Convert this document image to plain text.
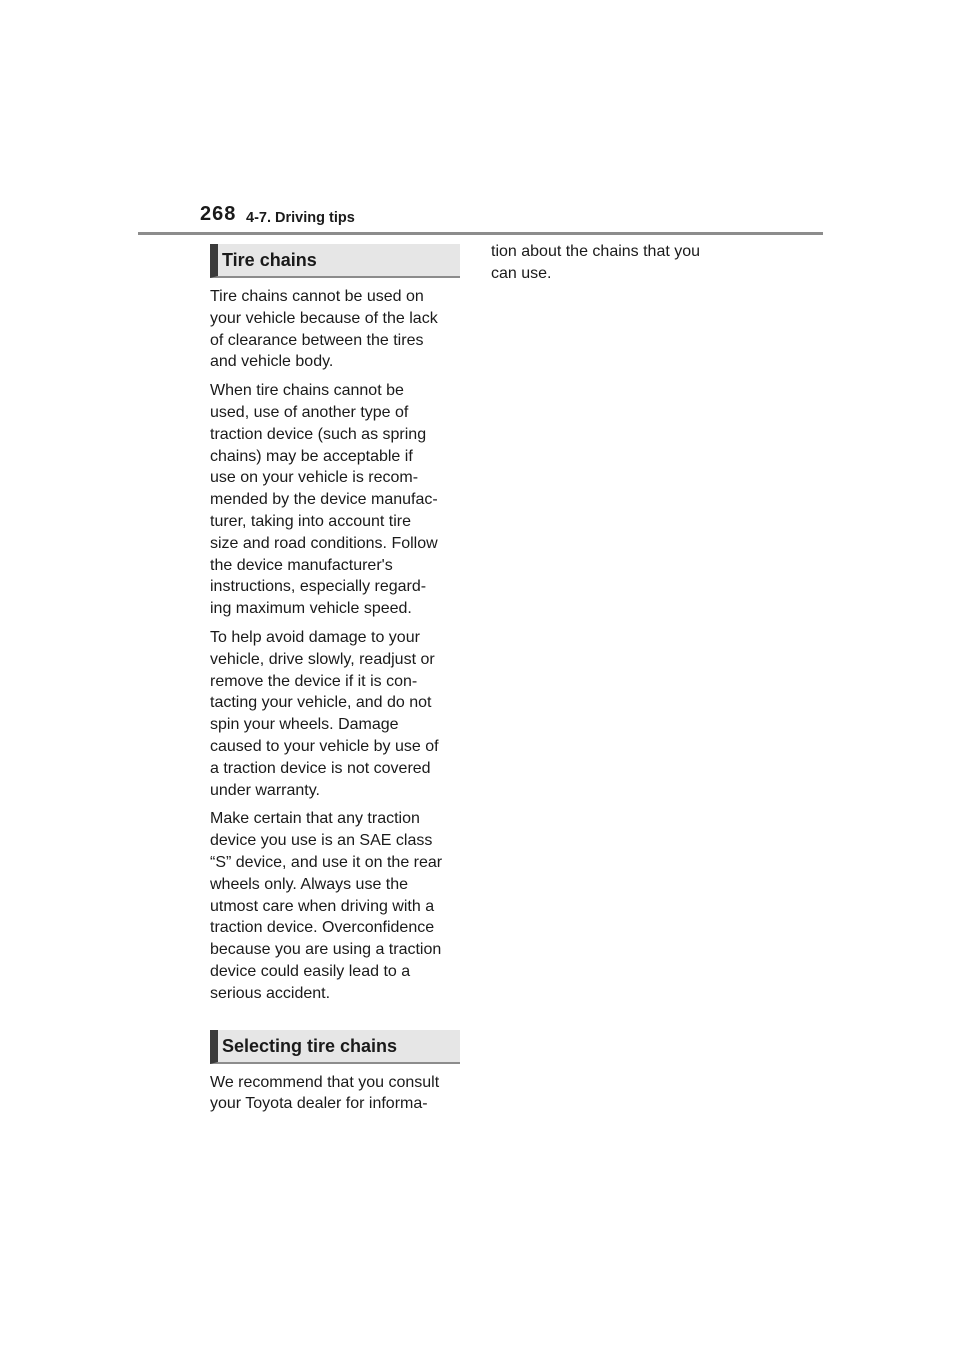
268 4-7. Driving tips
Tire chains

Tire chains cannot be used on
your vehicle because of the lack
of clearance between the tires
and vehicle body.

When tire chains cannot be
used, use of another type of
traction device (such as spring
chains) may be acceptable if
use on your vehicle is recom-
mended by the device manufac-
turer, taking into account tire
size and road conditions. Follow
the device manufacturer's
instructions, especially regard-
ing maximum vehicle speed.

To help avoid damage to your
vehicle, drive slowly, readjust or
remove the device if it is con-
tacting your vehicle, and do not
spin your wheels. Damage
caused to your vehicle by use of
a traction device is not covered
under warranty.

Make certain that any traction
device you use is an SAE class
“S” device, and use it on the rear
wheels only. Always use the
utmost care when driving with a
traction device. Overconfidence
because you are using a traction
device could easily lead to a
serious accident.

Selecting tire chains

We recommend that you consult
your Toyota dealer for informa-

tion about the chains that you
can use.
